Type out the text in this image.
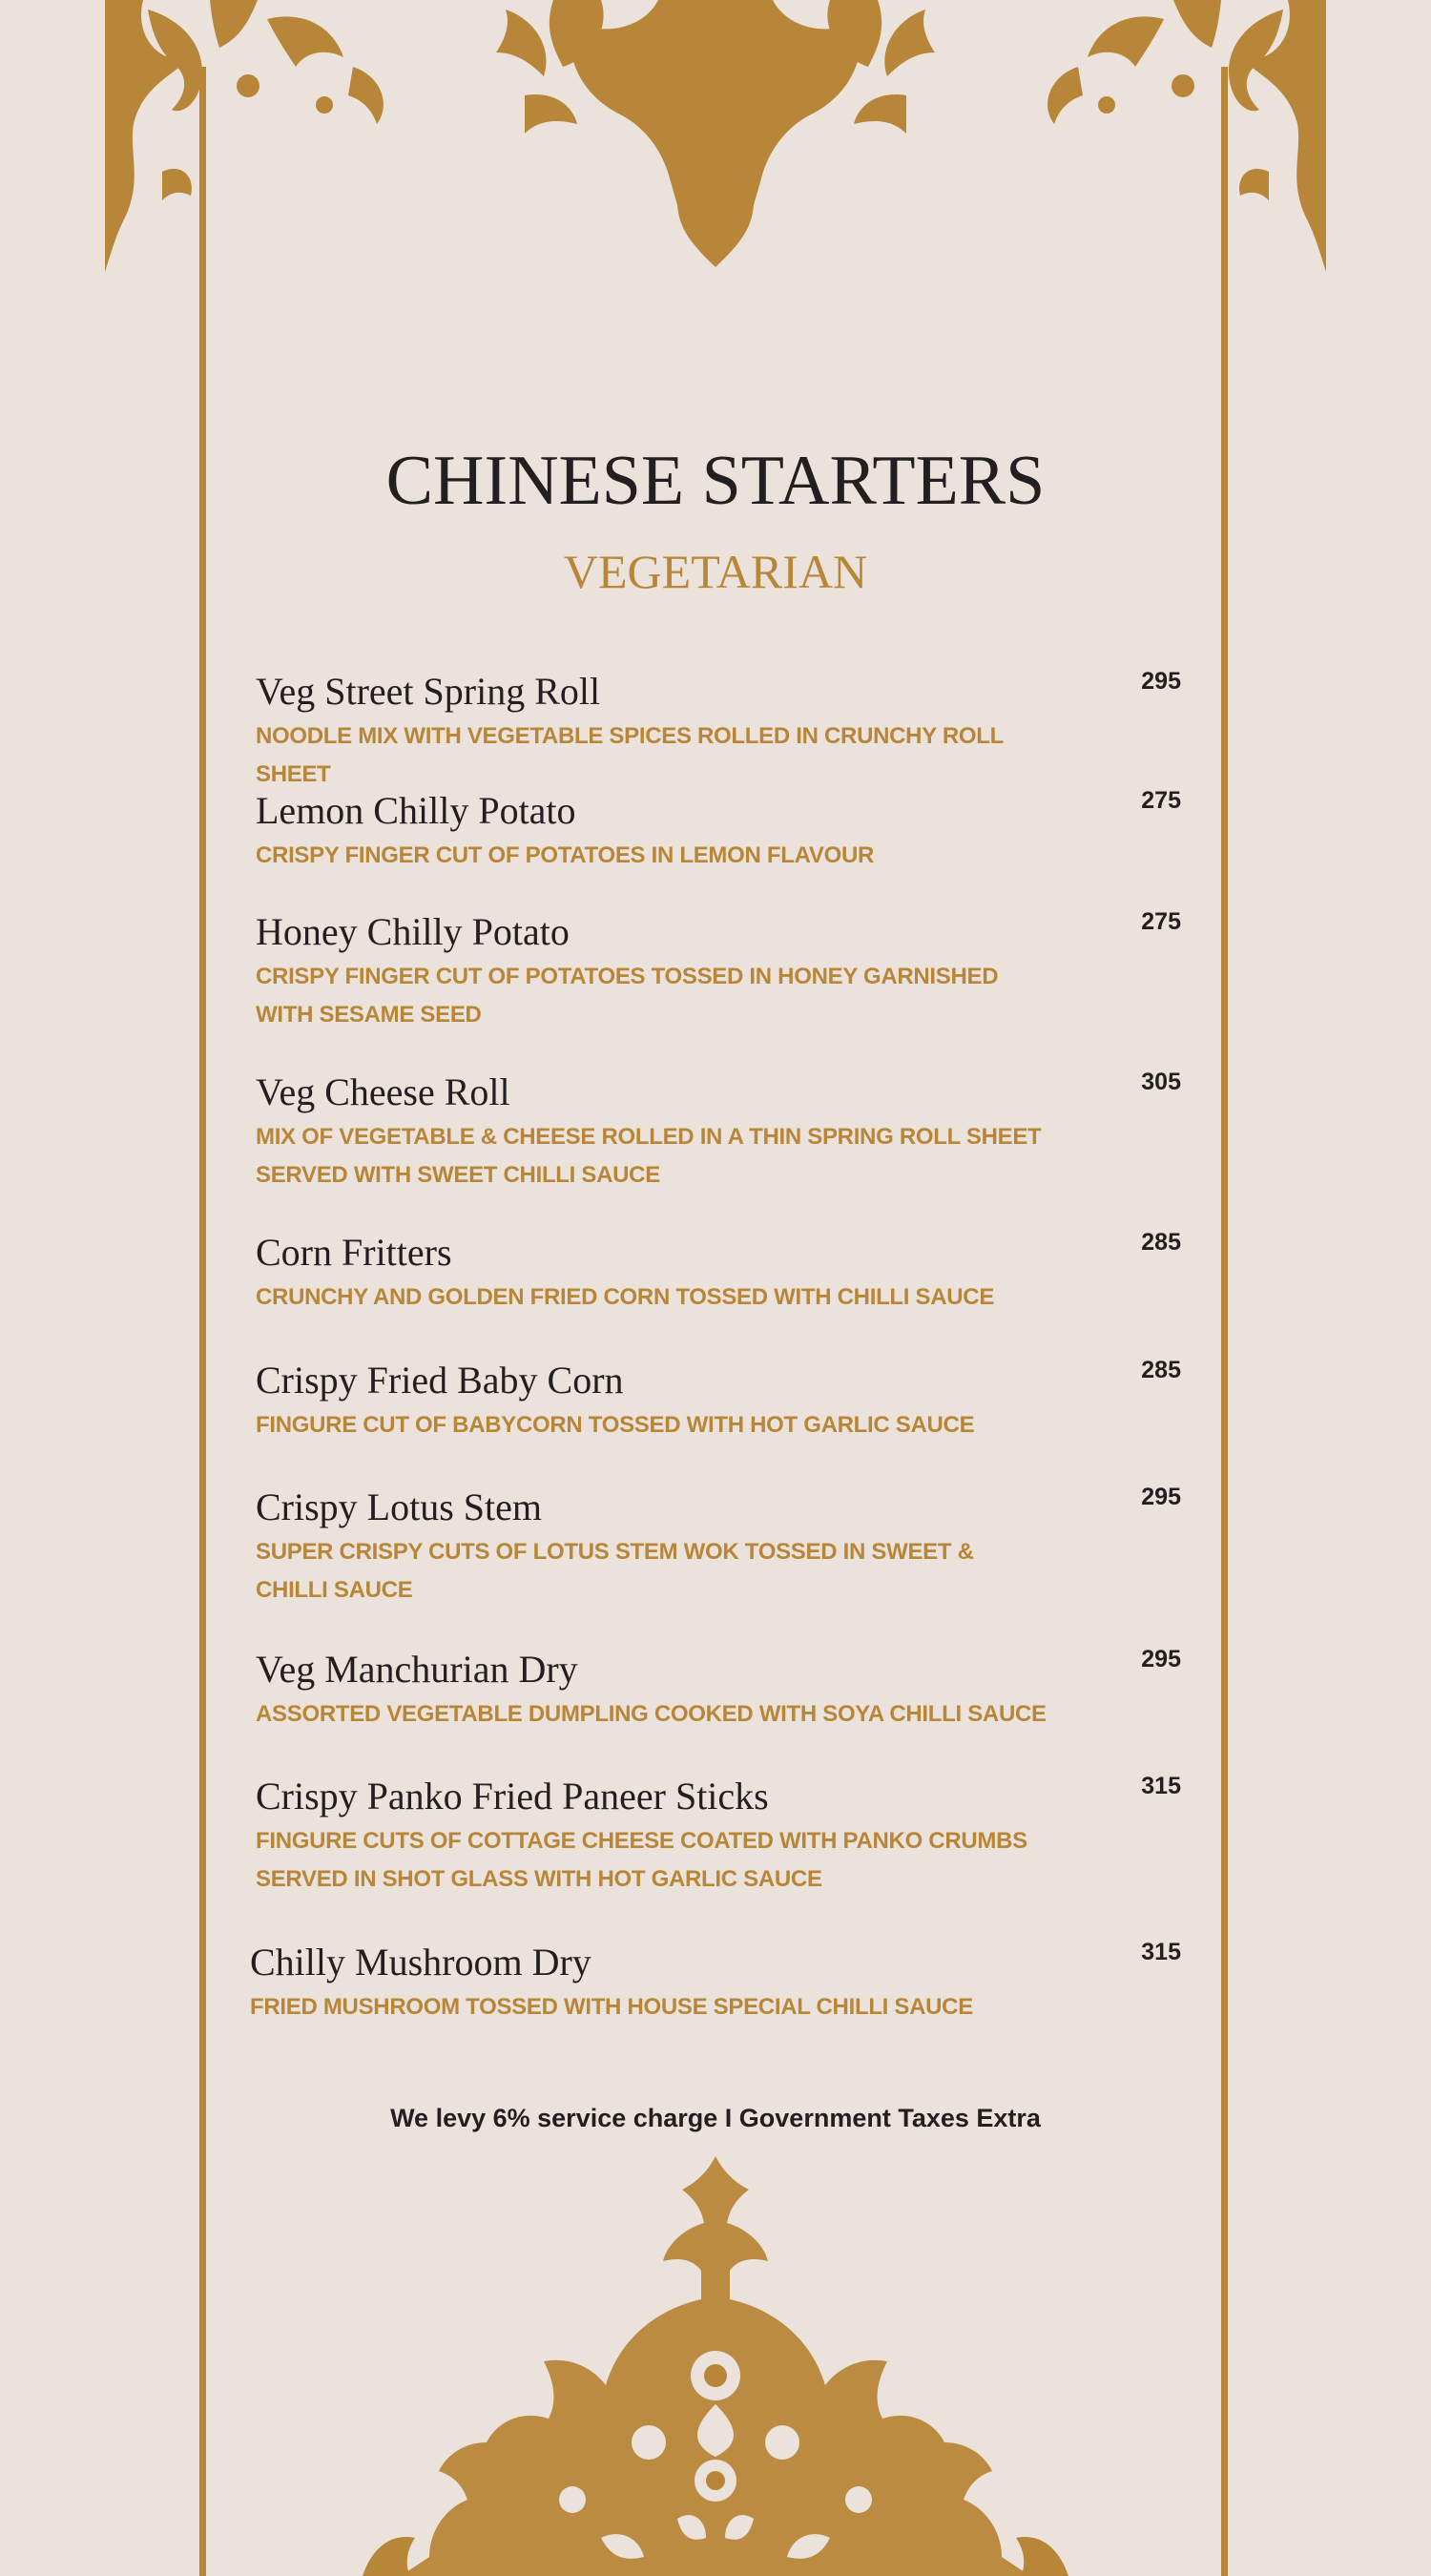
CHINESE STARTERS
VEGETARIAN
Veg Street Spring Roll	295
NOODLE MIX WITH VEGETABLE SPICES ROLLED IN CRUNCHY ROLL SHEET
Lemon Chilly Potato	275
CRISPY FINGER CUT OF POTATOES IN LEMON FLAVOUR
Honey Chilly Potato	275
CRISPY FINGER CUT OF POTATOES TOSSED IN HONEY GARNISHED WITH SESAME SEED
Veg Cheese Roll	305
MIX OF VEGETABLE & CHEESE ROLLED IN A THIN SPRING ROLL SHEET SERVED WITH SWEET CHILLI SAUCE
Corn Fritters	285
CRUNCHY AND GOLDEN FRIED CORN TOSSED WITH CHILLI SAUCE
Crispy Fried Baby Corn	285
FINGURE CUT OF BABYCORN TOSSED WITH HOT GARLIC SAUCE
Crispy Lotus Stem	295
SUPER CRISPY CUTS OF LOTUS STEM WOK TOSSED IN SWEET & CHILLI SAUCE
Veg Manchurian Dry	295
ASSORTED VEGETABLE DUMPLING COOKED WITH SOYA CHILLI SAUCE
Crispy Panko Fried Paneer Sticks	315
FINGURE CUTS OF COTTAGE CHEESE COATED WITH PANKO CRUMBS SERVED IN SHOT GLASS WITH HOT GARLIC SAUCE
Chilly Mushroom Dry	315
FRIED MUSHROOM TOSSED WITH HOUSE SPECIAL CHILLI SAUCE
We levy 6% service charge I Government Taxes Extra
